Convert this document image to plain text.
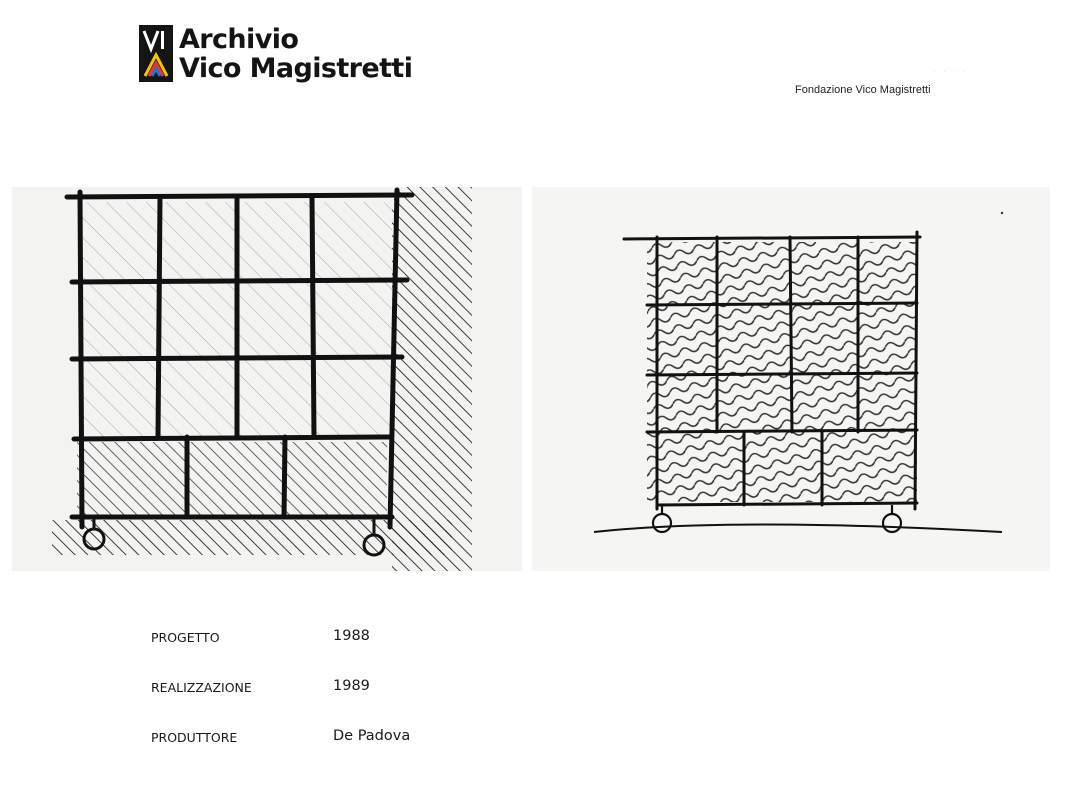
Archivio
Vico Magistretti	· · · ·
Fondazione Vico Magistretti
PROGETTO	1988
REALIZZAZIONE	1989
PRODUTTORE	De Padova
